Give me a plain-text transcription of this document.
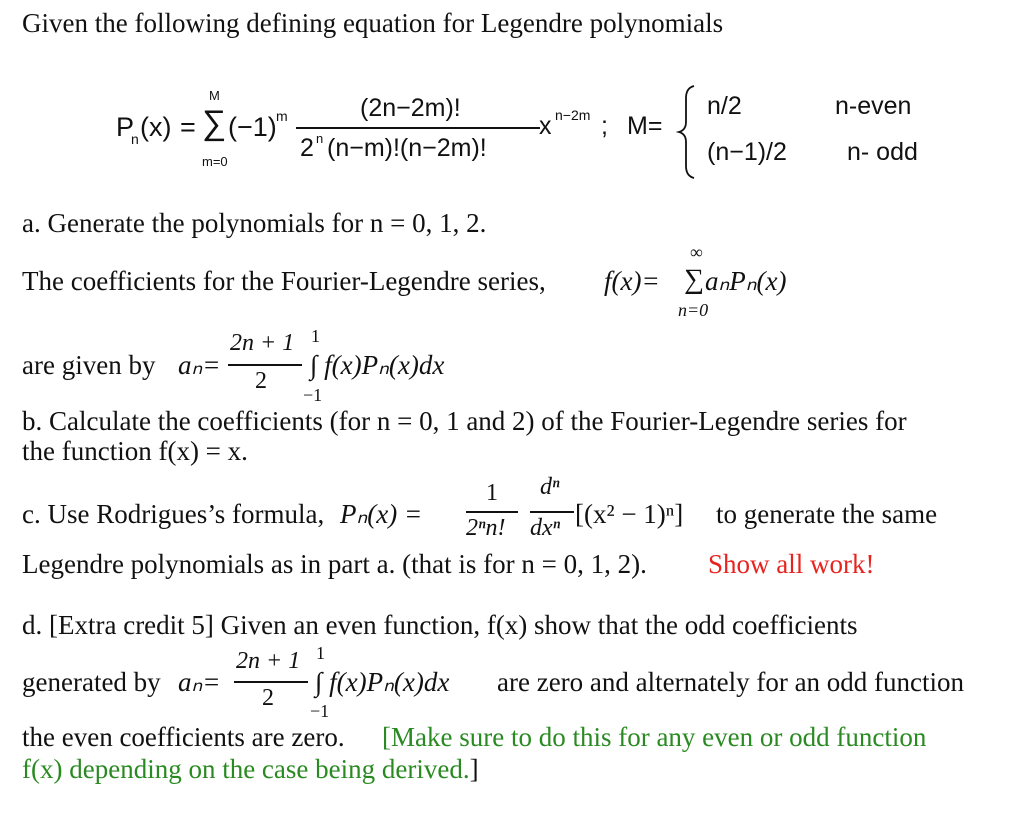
Given the following defining equation for Legendre polynomials
P
n (x) =
M
∑
m=0
(−1) m	(2n−2m)!
2 n (n−m)!(n−2m)!
x n−2m ; M=
n/2	n-even
(n−1)/2 n- odd
a. Generate the polynomials for n = 0, 1, 2.
The coefficients for the Fourier-Legendre series, f(x)=
∞
∑ aₙPₙ(x)
n=0
are given by aₙ=
2n + 1
2
1
∫ f(x)Pₙ(x)dx
−1
b. Calculate the coefficients (for n = 0, 1 and 2) of the Fourier-Legendre series for
the function f(x) = x.
c. Use Rodrigues’s formula, Pₙ(x) =
1
2ⁿn!
dⁿ
dxⁿ [(x² − 1)ⁿ] to generate the same
Legendre polynomials as in part a. (that is for n = 0, 1, 2). Show all work!
d. [Extra credit 5] Given an even function, f(x) show that the odd coefficients
generated by aₙ=
2n + 1
2
1
∫ f(x)Pₙ(x)dx
−1
are zero and alternately for an odd function
the even coefficients are zero. [Make sure to do this for any even or odd function
f(x) depending on the case being derived.]
